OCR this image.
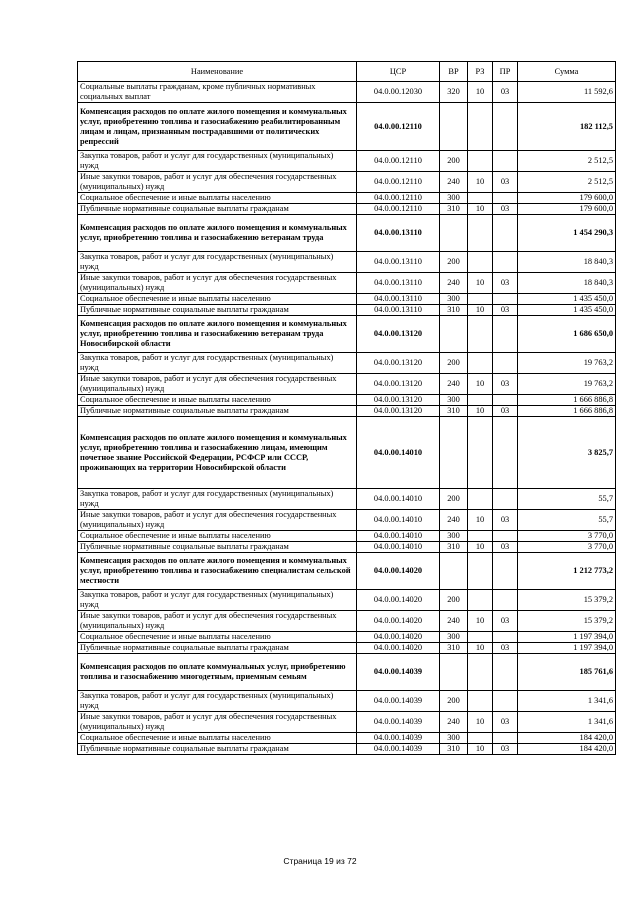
Наименование	ЦСР	ВР	РЗ	ПР	Сумма
Социальные выплаты гражданам, кроме публичных нормативных социальных выплат	04.0.00.12030	320	10	03	11 592,6
Компенсация расходов по оплате жилого помещения и коммунальных услуг, приобретению топлива и газоснабжению реабилитированным лицам и лицам, признанным пострадавшими от политических репрессий	04.0.00.12110				182 112,5
Закупка товаров, работ и услуг для государственных (муниципальных) нужд	04.0.00.12110	200			2 512,5
Иные закупки товаров, работ и услуг для обеспечения государственных (муниципальных) нужд	04.0.00.12110	240	10	03	2 512,5
Социальное обеспечение и иные выплаты населению	04.0.00.12110	300			179 600,0
Публичные нормативные социальные выплаты гражданам	04.0.00.12110	310	10	03	179 600,0
Компенсация расходов по оплате жилого помещения и коммунальных услуг, приобретению топлива и газоснабжению ветеранам труда	04.0.00.13110				1 454 290,3
Закупка товаров, работ и услуг для государственных (муниципальных) нужд	04.0.00.13110	200			18 840,3
Иные закупки товаров, работ и услуг для обеспечения государственных (муниципальных) нужд	04.0.00.13110	240	10	03	18 840,3
Социальное обеспечение и иные выплаты населению	04.0.00.13110	300			1 435 450,0
Публичные нормативные социальные выплаты гражданам	04.0.00.13110	310	10	03	1 435 450,0
Компенсация расходов по оплате жилого помещения и коммунальных услуг, приобретению топлива и газоснабжению ветеранам труда Новосибирской области	04.0.00.13120				1 686 650,0
Закупка товаров, работ и услуг для государственных (муниципальных) нужд	04.0.00.13120	200			19 763,2
Иные закупки товаров, работ и услуг для обеспечения государственных (муниципальных) нужд	04.0.00.13120	240	10	03	19 763,2
Социальное обеспечение и иные выплаты населению	04.0.00.13120	300			1 666 886,8
Публичные нормативные социальные выплаты гражданам	04.0.00.13120	310	10	03	1 666 886,8
Компенсация расходов по оплате жилого помещения и коммунальных услуг, приобретению топлива и газоснабжению лицам, имеющим почетное звание Российской Федерации, РСФСР или СССР, проживающих на территории Новосибирской области	04.0.00.14010				3 825,7
Закупка товаров, работ и услуг для государственных (муниципальных) нужд	04.0.00.14010	200			55,7
Иные закупки товаров, работ и услуг для обеспечения государственных (муниципальных) нужд	04.0.00.14010	240	10	03	55,7
Социальное обеспечение и иные выплаты населению	04.0.00.14010	300			3 770,0
Публичные нормативные социальные выплаты гражданам	04.0.00.14010	310	10	03	3 770,0
Компенсация расходов по оплате жилого помещения и коммунальных услуг, приобретению топлива и газоснабжению специалистам сельской местности	04.0.00.14020				1 212 773,2
Закупка товаров, работ и услуг для государственных (муниципальных) нужд	04.0.00.14020	200			15 379,2
Иные закупки товаров, работ и услуг для обеспечения государственных (муниципальных) нужд	04.0.00.14020	240	10	03	15 379,2
Социальное обеспечение и иные выплаты населению	04.0.00.14020	300			1 197 394,0
Публичные нормативные социальные выплаты гражданам	04.0.00.14020	310	10	03	1 197 394,0
Компенсация расходов по оплате коммунальных услуг, приобретению топлива и газоснабжению многодетным, приемным семьям	04.0.00.14039				185 761,6
Закупка товаров, работ и услуг для государственных (муниципальных) нужд	04.0.00.14039	200			1 341,6
Иные закупки товаров, работ и услуг для обеспечения государственных (муниципальных) нужд	04.0.00.14039	240	10	03	1 341,6
Социальное обеспечение и иные выплаты населению	04.0.00.14039	300			184 420,0
Публичные нормативные социальные выплаты гражданам	04.0.00.14039	310	10	03	184 420,0
Страница 19 из 72
